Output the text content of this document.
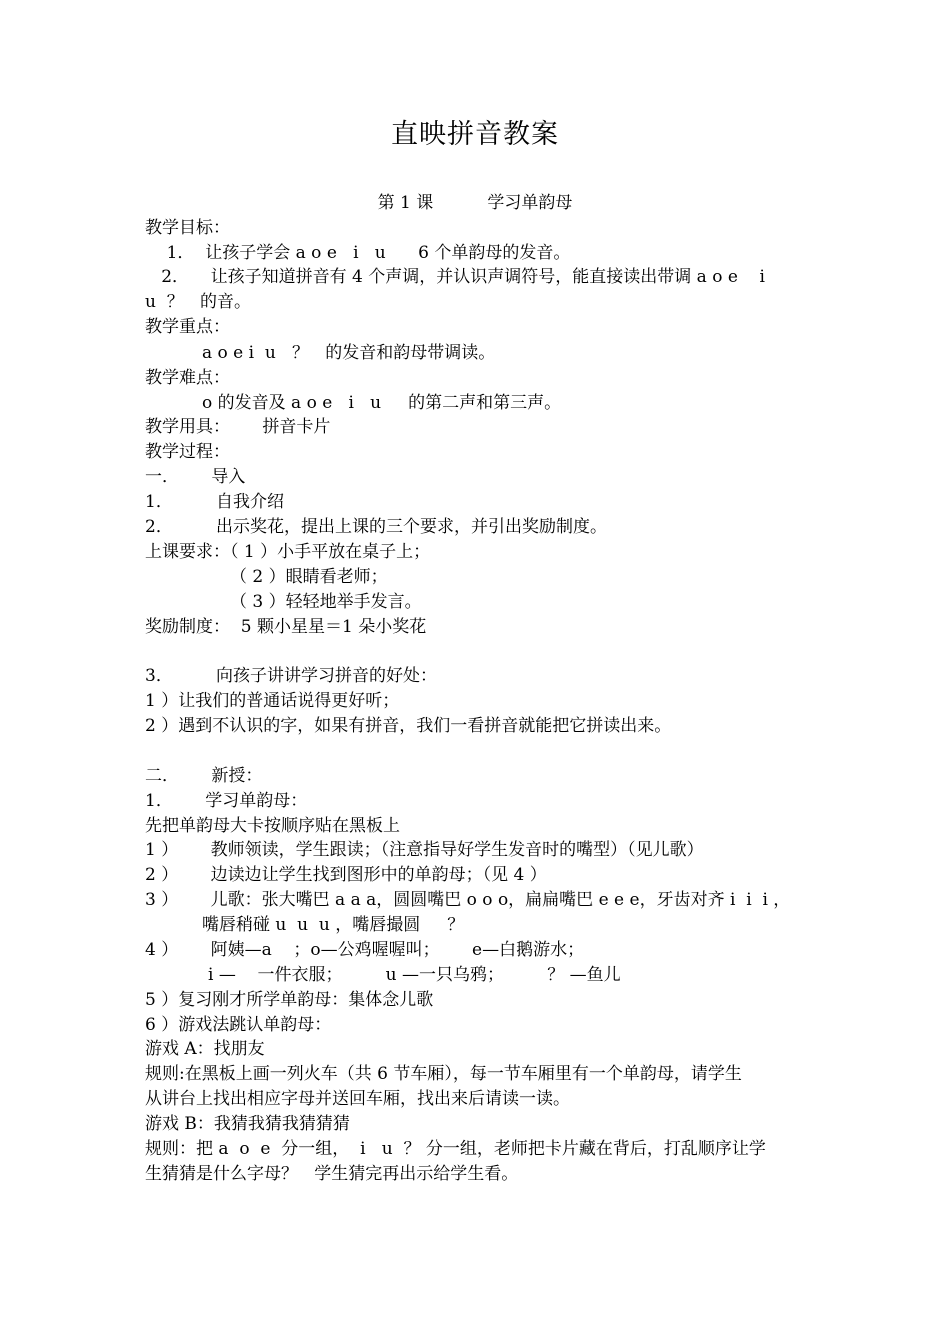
直映拼音教案
第 1 课          学习单韵母
教学目标：
1．  让孩子学会 a o e   i   u      6 个单韵母的发音。
2．    让孩子知道拼音有 4 个声调，并认识声调符号，能直接读出带调 a o e    i
u  ？   的音。
教学重点：
a o e i  u   ？   的发音和韵母带调读。
教学难点：
o 的发音及 a o e   i   u     的第二声和第三声。
教学用具：      拼音卡片
教学过程：
一．      导入
1．        自我介绍
2．        出示奖花，提出上课的三个要求，并引出奖励制度。
上课要求：（ 1 ）小手平放在桌子上；
（ 2 ）眼睛看老师；
（ 3 ）轻轻地举手发言。
奖励制度：  5 颗小星星＝1 朵小奖花
3．        向孩子讲讲学习拼音的好处：
1 ）让我们的普通话说得更好听；
2 ）遇到不认识的字，如果有拼音，我们一看拼音就能把它拼读出来。
二．      新授：
1．      学习单韵母：
先把单韵母大卡按顺序贴在黑板上
1 ）      教师领读，学生跟读；（注意指导好学生发音时的嘴型）（见儿歌）
2 ）      边读边让学生找到图形中的单韵母；（见 4 ）
3 ）      儿歌：张大嘴巴 a a a，圆圆嘴巴 o o o，扁扁嘴巴 e e e，牙齿对齐 i  i  i ，
嘴唇稍碰 u  u  u ，嘴唇撮圆     ？
4 ）      阿姨—a    ；o—公鸡喔喔叫；      e—白鹅游水；
i —    一件衣服；        u —一只乌鸦；        ？ —鱼儿
5 ）复习刚才所学单韵母：集体念儿歌
6 ）游戏法跳认单韵母：
游戏 A：找朋友
规则:在黑板上画一列火车（共 6 节车厢），每一节车厢里有一个单韵母，请学生
从讲台上找出相应字母并送回车厢，找出来后请读一读。
游戏 B：我猜我猜我猜猜猜
规则：把 a  o  e  分一组，  i   u  ？ 分一组，老师把卡片藏在背后，打乱顺序让学
生猜猜是什么字母？   学生猜完再出示给学生看。
